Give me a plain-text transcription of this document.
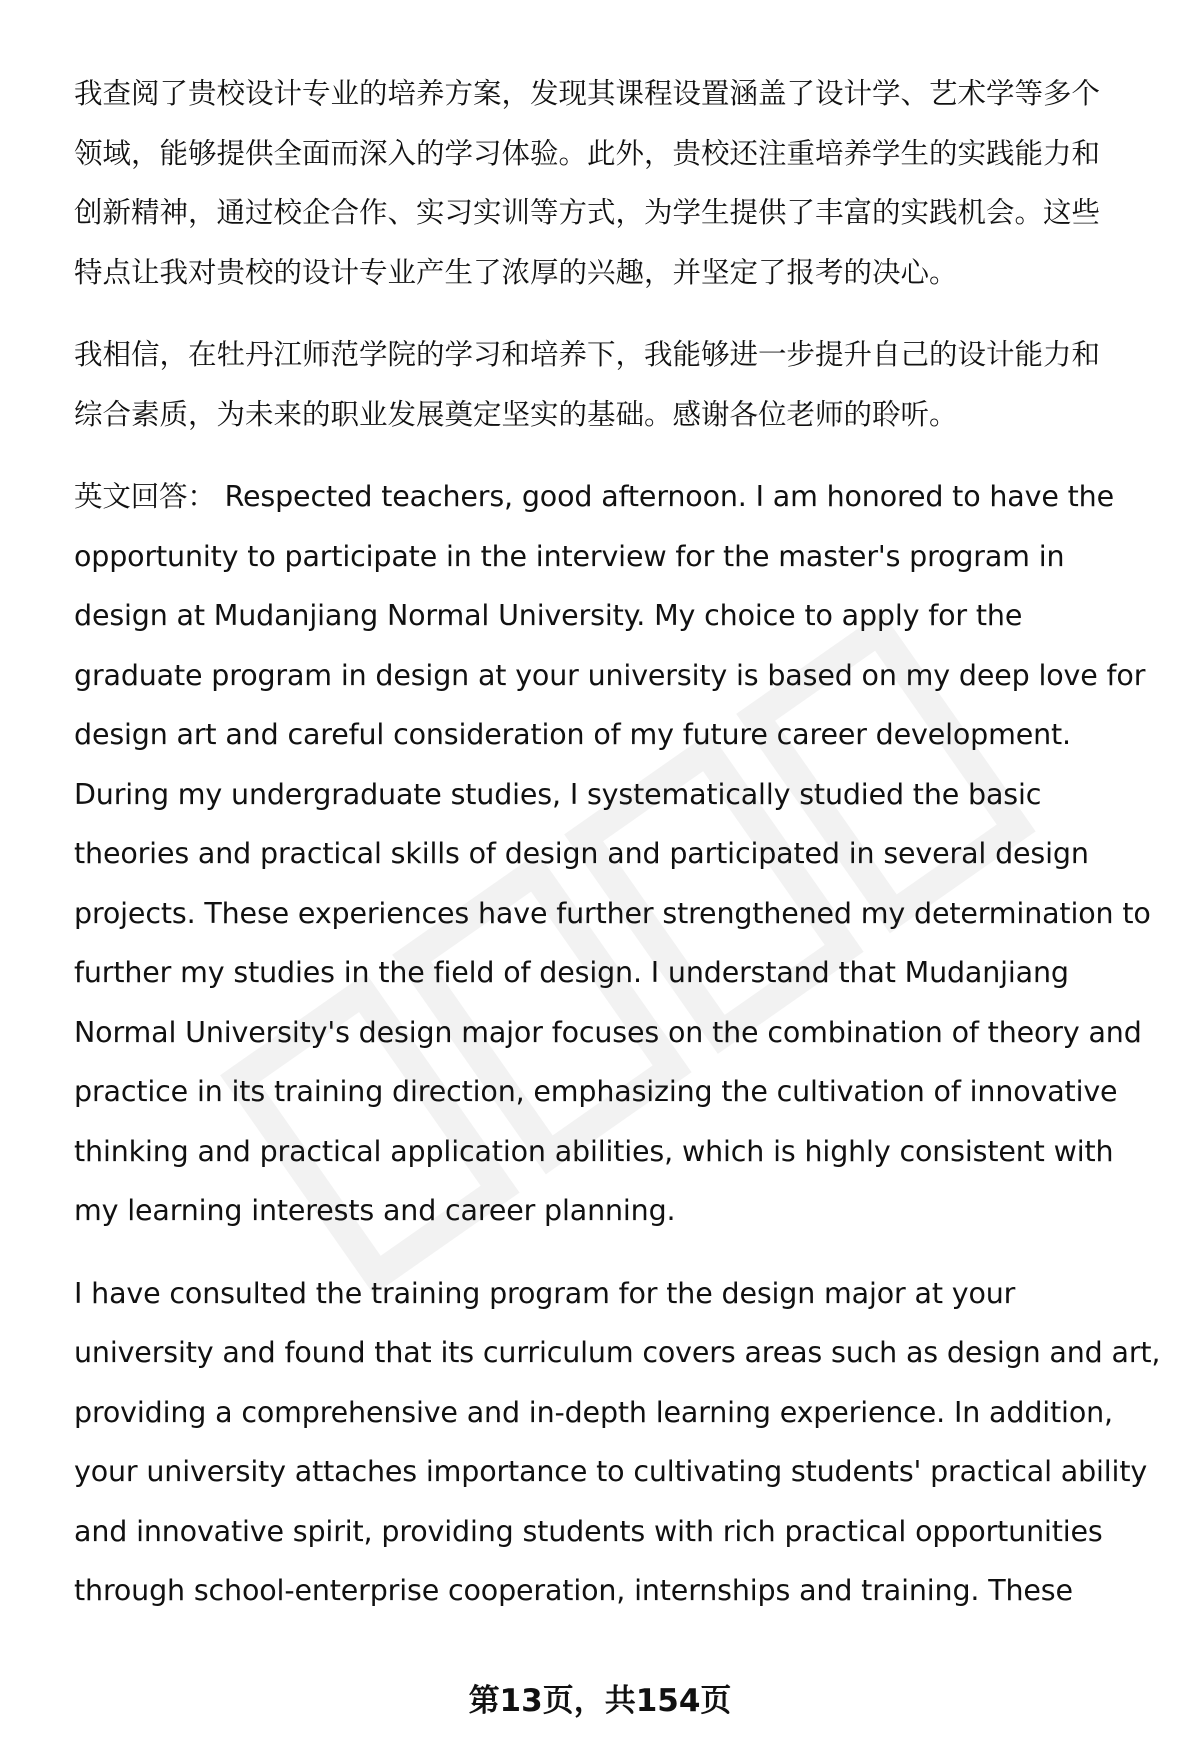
我查阅了贵校设计专业的培养方案，发现其课程设置涵盖了设计学、艺术学等多个
领域，能够提供全面而深入的学习体验。此外，贵校还注重培养学生的实践能力和
创新精神，通过校企合作、实习实训等方式，为学生提供了丰富的实践机会。这些
特点让我对贵校的设计专业产生了浓厚的兴趣，并坚定了报考的决心。

我相信，在牡丹江师范学院的学习和培养下，我能够进一步提升自己的设计能力和
综合素质，为未来的职业发展奠定坚实的基础。感谢各位老师的聆听。

英文回答： Respected teachers, good afternoon. I am honored to have the
opportunity to participate in the interview for the master's program in
design at Mudanjiang Normal University. My choice to apply for the
graduate program in design at your university is based on my deep love for
design art and careful consideration of my future career development.
During my undergraduate studies, I systematically studied the basic
theories and practical skills of design and participated in several design
projects. These experiences have further strengthened my determination to
further my studies in the field of design. I understand that Mudanjiang
Normal University's design major focuses on the combination of theory and
practice in its training direction, emphasizing the cultivation of innovative
thinking and practical application abilities, which is highly consistent with
my learning interests and career planning.

I have consulted the training program for the design major at your
university and found that its curriculum covers areas such as design and art,
providing a comprehensive and in-depth learning experience. In addition,
your university attaches importance to cultivating students' practical ability
and innovative spirit, providing students with rich practical opportunities
through school-enterprise cooperation, internships and training. These

第13页，共154页
